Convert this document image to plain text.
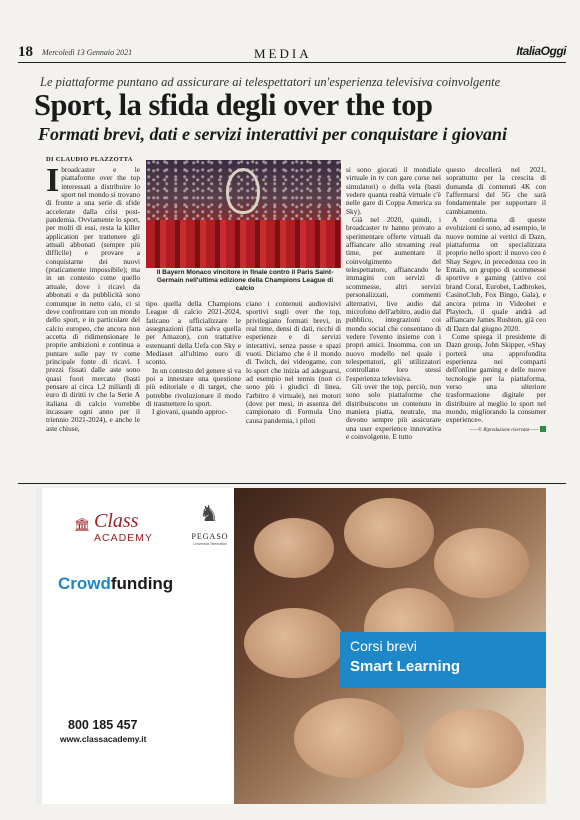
18 Mercoledì 13 Gennaio 2021	MEDIA	ItaliaOggi
Le piattaforme puntano ad assicurare ai telespettatori un'esperienza televisiva coinvolgente
Sport, la sfida degli over the top
Formati brevi, dati e servizi interattivi per conquistare i giovani
DI CLAUDIO PLAZZOTTA
I broadcaster e le piattaforme over the top interessati a distribuire lo sport nel mondo si trovano di fronte a una serie di sfide accelerate dalla crisi post-pandemia. Ovviamente lo sport, per molti di essi, resta la killer application per trattenere gli attuali abbonati (sempre più difficile) e provare a conquistarne dei nuovi (praticamente impossibile); ma in un contesto come quello attuale, dove i ricavi da abbonati e da pubblicità sono comunque in netto calo, ci si deve confrontare con un mondo dello sport, e in particolare del calcio europeo, che ancora non accetta di ridimensionare le proprie ambizioni e continua a puntare sulle pay tv come principale fonte di ricavi. I prezzi fissati dalle aste sono quasi fuori mercato (basti pensare ai circa 1,2 miliardi di euro di diritti tv che la Serie A italiana di calcio vorrebbe incassare ogni anno per il triennio 2021-2024), e anche le aste chiuse,

Il Bayern Monaco vincitore in finale contro il Paris Saint-Germain nell'ultima edizione della Champions League di calcio

tipo quella della Champions League di calcio 2021-2024, faticano a ufficializzare le assegnazioni (fatta salva quella per Amazon), con trattative estenuanti della Uefa con Sky e Mediaset all'ultimo euro di sconto.

In un contesto del genere si va poi a innestare una questione più editoriale e di target, che potrebbe rivoluzionare il modo di trasmettere lo sport.

I giovani, quando approc-

ciano i contenuti audiovisivi sportivi sugli over the top, privilegiano formati brevi, in real time, densi di dati, ricchi di esperienze e di servizi interattivi, senza pause e spazi vuoti. Diciamo che è il mondo di Twitch, dei videogame, con lo sport che inizia ad adeguarsi, ad esempio nel tennis (non ci sono più i giudici di linea, l'arbitro è virtuale), nei motori (dove per mesi, in assenza del campionato di Formula Uno causa pandemia, i piloti

si sono giocati il mondiale virtuale in tv con gare corse nei simulatori) o della vela (basti vedere quanta realtà virtuale c'è nelle gare di Coppa America su Sky).

Già nel 2020, quindi, i broadcaster tv hanno provato a sperimentare offerte virtuali da affiancare allo streaming real time, per aumentare il coinvolgimento del telespettatore, affiancando le immagini con servizi di scommesse, altri servizi personalizzati, commenti alternativi, live audio dal microfono dell'arbitro, audio dal pubblico, integrazioni coi mondo social che consentano di vedere l'evento insieme con i propri amici. Insomma, con un nuovo modello nel quale i telespettatori, gli utilizzatori controllano loro stessi l'esperienza televisiva.

Gli over the top, perciò, non sono solo piattaforme che distribuiscono un contenuto in maniera piatta, neutrale, ma devono sempre più assicurare una user experience innovativa e coinvolgente. E tutto

questo decollerà nel 2021, soprattutto per la crescita di domanda di contenuti 4K con l'affermarsi del 5G che sarà fondamentale per supportare il cambiamento.

A conferma di queste evoluzioni ci sono, ad esempio, le nuove nomine ai vertici di Dazn, piattaforma ott specializzata proprio nello sport: il nuovo ceo è Shay Segev, in precedenza ceo in Entain, un gruppo di scommesse sportive e gaming (attivo coi brand Coral, Eurobet, Ladbrokes, CasinoClub, Fox Bingo, Gala), e ancora prima in Videobet e Playtech, il quale andrà ad affiancare James Rushton, già ceo di Dazn dal giugno 2020.

Come spiega il presidente di Dazn group, John Skipper, «Shay porterà una approfondita esperienza nei comparti dell'online gaming e delle nuove tecnologie per la piattaforma, verso una ulteriore trasformazione digitale per distribuire al meglio lo sport nel mondo, migliorando la consumer experience».

——© Riproduzione riservata——

♞
PEGASO
Università Telematica
🏛 Class
ACADEMY
Crowdfunding
Corsi brevi
Smart Learning
800 185 457
www.classacademy.it
